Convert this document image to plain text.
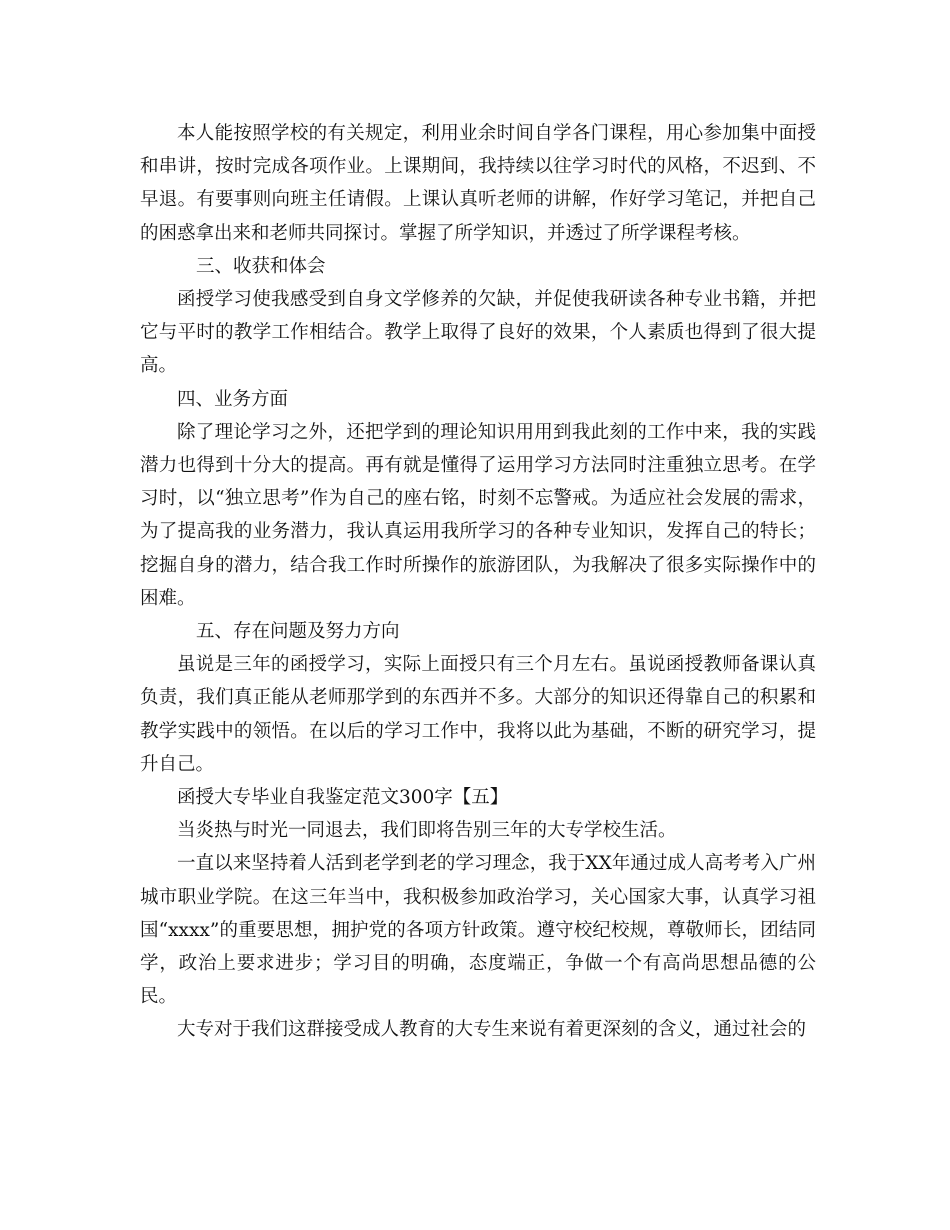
本人能按照学校的有关规定，利用业余时间自学各门课程，用心参加集中面授和串讲，按时完成各项作业。上课期间，我持续以往学习时代的风格，不迟到、不早退。有要事则向班主任请假。上课认真听老师的讲解，作好学习笔记，并把自己的困惑拿出来和老师共同探讨。掌握了所学知识，并透过了所学课程考核。

三、收获和体会

函授学习使我感受到自身文学修养的欠缺，并促使我研读各种专业书籍，并把它与平时的教学工作相结合。教学上取得了良好的效果，个人素质也得到了很大提高。

四、业务方面

除了理论学习之外，还把学到的理论知识用用到我此刻的工作中来，我的实践潜力也得到十分大的提高。再有就是懂得了运用学习方法同时注重独立思考。在学习时，以“独立思考”作为自己的座右铭，时刻不忘警戒。为适应社会发展的需求，为了提高我的业务潜力，我认真运用我所学习的各种专业知识，发挥自己的特长；挖掘自身的潜力，结合我工作时所操作的旅游团队，为我解决了很多实际操作中的困难。

五、存在问题及努力方向

虽说是三年的函授学习，实际上面授只有三个月左右。虽说函授教师备课认真负责，我们真正能从老师那学到的东西并不多。大部分的知识还得靠自己的积累和教学实践中的领悟。在以后的学习工作中，我将以此为基础，不断的研究学习，提升自己。

函授大专毕业自我鉴定范文300字【五】

当炎热与时光一同退去，我们即将告别三年的大专学校生活。

一直以来坚持着人活到老学到老的学习理念，我于XX年通过成人高考考入广州城市职业学院。在这三年当中，我积极参加政治学习，关心国家大事，认真学习祖国“xxxx”的重要思想，拥护党的各项方针政策。遵守校纪校规，尊敬师长，团结同学，政治上要求进步；学习目的明确，态度端正，争做一个有高尚思想品德的公民。

大专对于我们这群接受成人教育的大专生来说有着更深刻的含义，通过社会的
